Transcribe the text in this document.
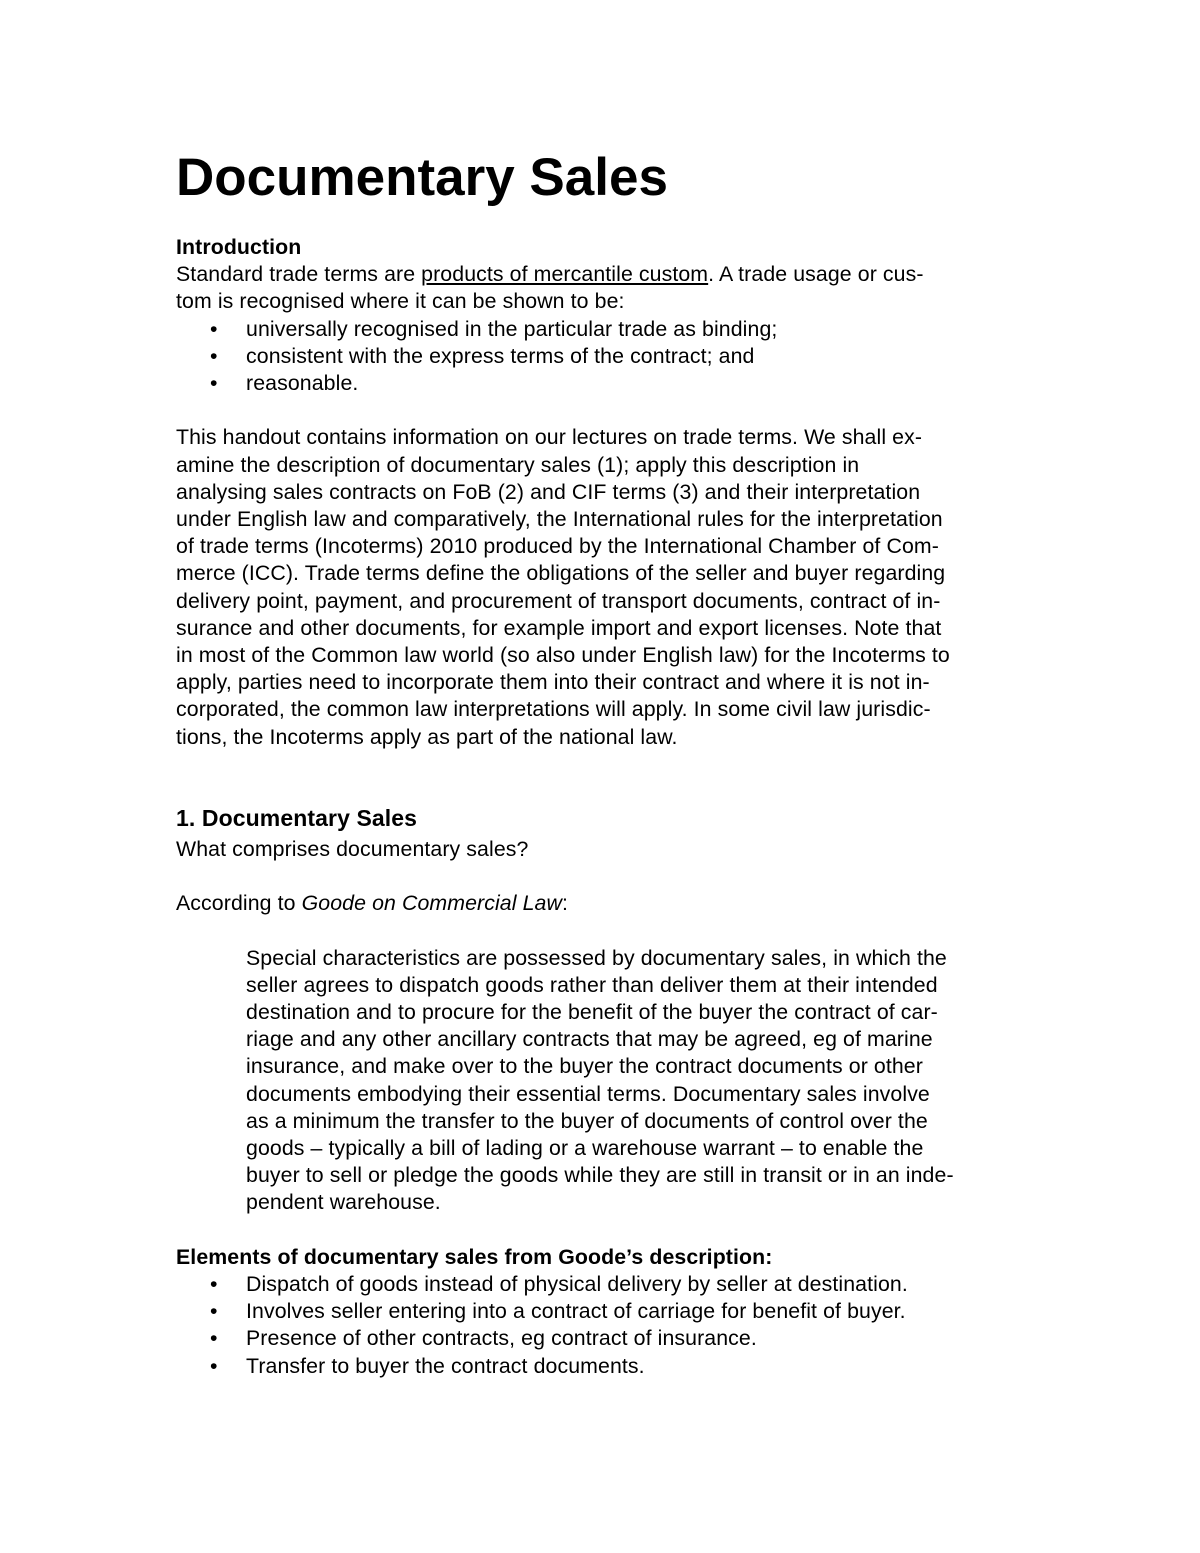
Documentary Sales

Introduction

Standard trade terms are products of mercantile custom. A trade usage or cus-
tom is recognised where it can be shown to be:

• universally recognised in the particular trade as binding;
• consistent with the express terms of the contract; and
• reasonable.

This handout contains information on our lectures on trade terms. We shall ex-
amine the description of documentary sales (1); apply this description in
analysing sales contracts on FoB (2) and CIF terms (3) and their interpretation
under English law and comparatively, the International rules for the interpretation
of trade terms (Incoterms) 2010 produced by the International Chamber of Com-
merce (ICC). Trade terms define the obligations of the seller and buyer regarding
delivery point, payment, and procurement of transport documents, contract of in-
surance and other documents, for example import and export licenses. Note that
in most of the Common law world (so also under English law) for the Incoterms to
apply, parties need to incorporate them into their contract and where it is not in-
corporated, the common law interpretations will apply. In some civil law jurisdic-
tions, the Incoterms apply as part of the national law.

1. Documentary Sales

What comprises documentary sales?

According to Goode on Commercial Law:

Special characteristics are possessed by documentary sales, in which the
seller agrees to dispatch goods rather than deliver them at their intended
destination and to procure for the benefit of the buyer the contract of car-
riage and any other ancillary contracts that may be agreed, eg of marine
insurance, and make over to the buyer the contract documents or other
documents embodying their essential terms. Documentary sales involve
as a minimum the transfer to the buyer of documents of control over the
goods – typically a bill of lading or a warehouse warrant – to enable the
buyer to sell or pledge the goods while they are still in transit or in an inde-
pendent warehouse.

Elements of documentary sales from Goode’s description:

• Dispatch of goods instead of physical delivery by seller at destination.
• Involves seller entering into a contract of carriage for benefit of buyer.
• Presence of other contracts, eg contract of insurance.
• Transfer to buyer the contract documents.
